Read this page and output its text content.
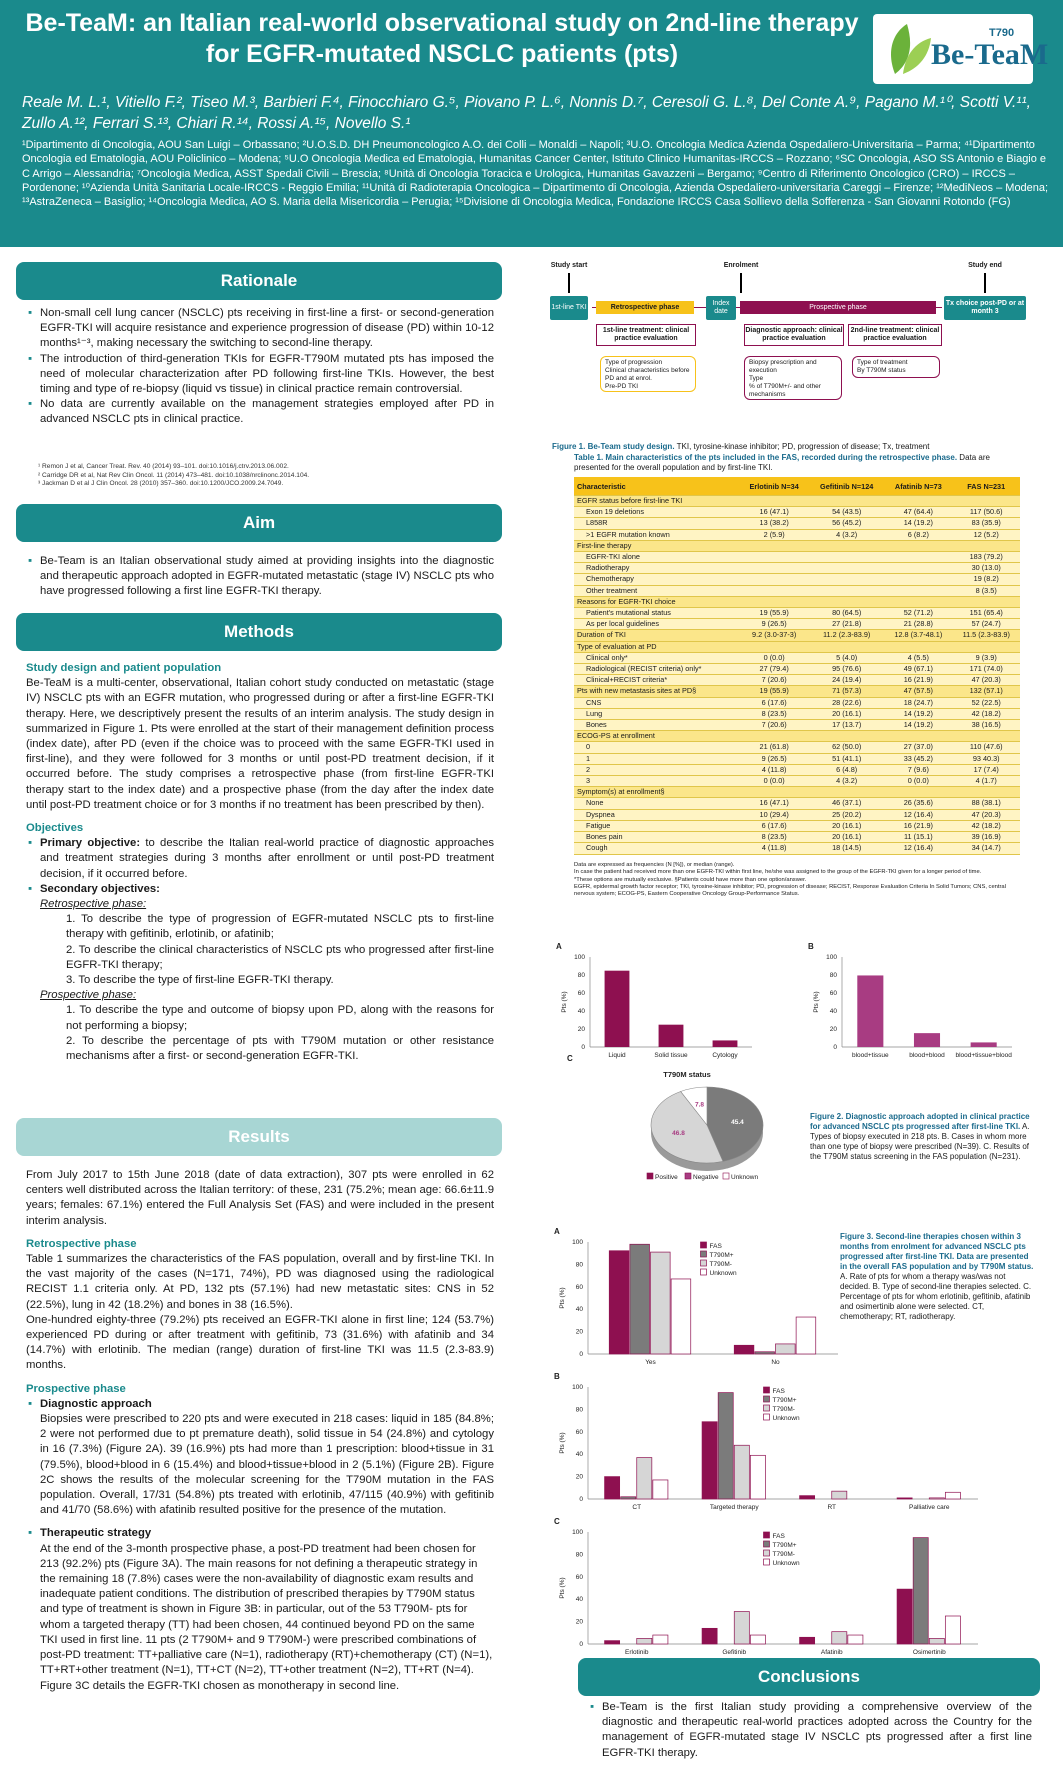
Be-TeaM: an Italian real-world observational study on 2nd-line therapy for EGFR-mutated NSCLC patients (pts)	Be-TeaM
T790
Reale M. L.¹, Vitiello F.², Tiseo M.³, Barbieri F.⁴, Finocchiaro G.⁵, Piovano P. L.⁶, Nonnis D.⁷, Ceresoli G. L.⁸, Del Conte A.⁹, Pagano M.¹⁰, Scotti V.¹¹, Zullo A.¹², Ferrari S.¹³, Chiari R.¹⁴, Rossi A.¹⁵, Novello S.¹
¹Dipartimento di Oncologia, AOU San Luigi – Orbassano; ²U.O.S.D. DH Pneumoncologico A.O. dei Colli – Monaldi – Napoli; ³U.O. Oncologia Medica Azienda Ospedaliero-Universitaria – Parma; ⁴¹Dipartimento Oncologia ed Ematologia, AOU Policlinico – Modena; ⁵U.O Oncologia Medica ed Ematologia, Humanitas Cancer Center, Istituto Clinico Humanitas-IRCCS – Rozzano; ⁶SC Oncologia, ASO SS Antonio e Biagio e C Arrigo – Alessandria; ⁷Oncologia Medica, ASST Spedali Civili – Brescia; ⁸Unità di Oncologia Toracica e Urologica, Humanitas Gavazzeni – Bergamo; ⁹Centro di Riferimento Oncologico (CRO) – IRCCS – Pordenone; ¹⁰Azienda Unità Sanitaria Locale-IRCCS - Reggio Emilia; ¹¹Unità di Radioterapia Oncologica – Dipartimento di Oncologia, Azienda Ospedaliero-universitaria Careggi – Firenze; ¹²MediNeos – Modena; ¹³AstraZeneca – Basiglio; ¹⁴Oncologia Medica, AO S. Maria della Misericordia – Perugia; ¹⁵Divisione di Oncologia Medica, Fondazione IRCCS Casa Sollievo della Sofferenza - San Giovanni Rotondo (FG)
Rationale
▪ Non-small cell lung cancer (NSCLC) pts receiving in first-line a first- or second-generation EGFR-TKI will acquire resistance and experience progression of disease (PD) within 10-12 months¹⁻³, making necessary the switching to second-line therapy.
▪ The introduction of third-generation TKIs for EGFR-T790M mutated pts has imposed the need of molecular characterization after PD following first-line TKIs. However, the best timing and type of re-biopsy (liquid vs tissue) in clinical practice remain controversial.
▪ No data are currently available on the management strategies employed after PD in advanced NSCLC pts in clinical practice.
¹ Remon J et al, Cancer Treat. Rev. 40 (2014) 93–101. doi:10.1016/j.ctrv.2013.06.002.
² Carridge DR et al, Nat Rev Clin Oncol. 11 (2014) 473–481. doi:10.1038/nrclinonc.2014.104.
³ Jackman D et al J Clin Oncol. 28 (2010) 357–360. doi:10.1200/JCO.2009.24.7049.
Aim
▪ Be-Team is an Italian observational study aimed at providing insights into the diagnostic and therapeutic approach adopted in EGFR-mutated metastatic (stage IV) NSCLC pts who have progressed following a first line EGFR-TKI therapy.
Methods
Study design and patient population
Be-TeaM is a multi-center, observational, Italian cohort study conducted on metastatic (stage IV) NSCLC pts with an EGFR mutation, who progressed during or after a first-line EGFR-TKI therapy. Here, we descriptively present the results of an interim analysis. The study design in summarized in Figure 1. Pts were enrolled at the start of their management definition process (index date), after PD (even if the choice was to proceed with the same EGFR-TKI used in first-line), and they were followed for 3 months or until post-PD treatment decision, if it occurred before. The study comprises a retrospective phase (from first-line EGFR-TKI therapy start to the index date) and a prospective phase (from the day after the index date until post-PD treatment choice or for 3 months if no treatment has been prescribed by then).
Objectives
▪ Primary objective: to describe the Italian real-world practice of diagnostic approaches and treatment strategies during 3 months after enrollment or until post-PD treatment decision, if it occurred before.
▪ Secondary objectives:
Retrospective phase:
1. To describe the type of progression of EGFR-mutated NSCLC pts to first-line therapy with gefitinib, erlotinib, or afatinib;
2. To describe the clinical characteristics of NSCLC pts who progressed after first-line EGFR-TKI therapy;
3. To describe the type of first-line EGFR-TKI therapy.
Prospective phase:
1. To describe the type and outcome of biopsy upon PD, along with the reasons for not performing a biopsy;
2. To describe the percentage of pts with T790M mutation or other resistance mechanisms after a first- or second-generation EGFR-TKI.
Results
From July 2017 to 15th June 2018 (date of data extraction), 307 pts were enrolled in 62 centers well distributed across the Italian territory: of these, 231 (75.2%; mean age: 66.6±11.9 years; females: 67.1%) entered the Full Analysis Set (FAS) and were included in the present interim analysis.
Retrospective phase
Table 1 summarizes the characteristics of the FAS population, overall and by first-line TKI. In the vast majority of the cases (N=171, 74%), PD was diagnosed using the radiological RECIST 1.1 criteria only. At PD, 132 pts (57.1%) had new metastatic sites: CNS in 52 (22.5%), lung in 42 (18.2%) and bones in 38 (16.5%).
One-hundred eighty-three (79.2%) pts received an EGFR-TKI alone in first line; 124 (53.7%) experienced PD during or after treatment with gefitinib, 73 (31.6%) with afatinib and 34 (14.7%) with erlotinib. The median (range) duration of first-line TKI was 11.5 (2.3-83.9) months.
Prospective phase
▪ Diagnostic approach
Biopsies were prescribed to 220 pts and were executed in 218 cases: liquid in 185 (84.8%; 2 were not performed due to pt premature death), solid tissue in 54 (24.8%) and cytology in 16 (7.3%) (Figure 2A). 39 (16.9%) pts had more than 1 prescription: blood+tissue in 31 (79.5%), blood+blood in 6 (15.4%) and blood+tissue+blood in 2 (5.1%) (Figure 2B). Figure 2C shows the results of the molecular screening for the T790M mutation in the FAS population. Overall, 17/31 (54.8%) pts treated with erlotinib, 47/115 (40.9%) with gefitinib and 41/70 (58.6%) with afatinib resulted positive for the presence of the mutation.
▪ Therapeutic strategy
At the end of the 3-month prospective phase, a post-PD treatment had been chosen for 213 (92.2%) pts (Figure 3A). The main reasons for not defining a therapeutic strategy in the remaining 18 (7.8%) cases were the non-availability of diagnostic exam results and inadequate patient conditions. The distribution of prescribed therapies by T790M status and type of treatment is shown in Figure 3B: in particular, out of the 53 T790M- pts for whom a targeted therapy (TT) had been chosen, 44 continued beyond PD on the same TKI used in first line. 11 pts (2 T790M+ and 9 T790M-) were prescribed combinations of post-PD treatment: TT+palliative care (N=1), radiotherapy (RT)+chemotherapy (CT) (N=1), TT+RT+other treatment (N=1), TT+CT (N=2), TT+other treatment (N=2), TT+RT (N=4). Figure 3C details the EGFR-TKI chosen as monotherapy in second line.
Study start	Enrolment	Study end
1st-line TKI	Retrospective phase	Index date
Prospective phase	Tx choice post-PD or at month 3
1st-line treatment: clinical practice evaluation
Diagnostic approach: clinical practice evaluation
2nd-line treatment: clinical practice evaluation
Type of progression
Clinical characteristics before PD and at enrol.
Pre-PD TKI
Biopsy prescription and execution
Type
% of T790M+/- and other mechanisms
Type of treatment
By T790M status
Figure 1. Be-Team study design. TKI, tyrosine-kinase inhibitor; PD, progression of disease; Tx, treatment
Table 1. Main characteristics of the pts included in the FAS, recorded during the retrospective phase. Data are presented for the overall population and by first-line TKI.
Characteristic	Erlotinib N=34	Gefitinib N=124	Afatinib N=73	FAS N=231
EGFR status before first-line TKI				
Exon 19 deletions	16 (47.1)	54 (43.5)	47 (64.4)	117 (50.6)
L858R	13 (38.2)	56 (45.2)	14 (19.2)	83 (35.9)
>1 EGFR mutation known	2 (5.9)	4 (3.2)	6 (8.2)	12 (5.2)
First-line therapy				
EGFR-TKI alone				183 (79.2)
Radiotherapy				30 (13.0)
Chemotherapy				19 (8.2)
Other treatment				8 (3.5)
Reasons for EGFR-TKI choice				
Patient's mutational status	19 (55.9)	80 (64.5)	52 (71.2)	151 (65.4)
As per local guidelines	9 (26.5)	27 (21.8)	21 (28.8)	57 (24.7)
Duration of TKI	9.2 (3.0-37-3)	11.2 (2.3-83.9)	12.8 (3.7-48.1)	11.5 (2.3-83.9)
Type of evaluation at PD				
Clinical only*	0 (0.0)	5 (4.0)	4 (5.5)	9 (3.9)
Radiological (RECIST criteria) only*	27 (79.4)	95 (76.6)	49 (67.1)	171 (74.0)
Clinical+RECIST criteria*	7 (20.6)	24 (19.4)	16 (21.9)	47 (20.3)
Pts with new metastasis sites at PD§	19 (55.9)	71 (57.3)	47 (57.5)	132 (57.1)
CNS	6 (17.6)	28 (22.6)	18 (24.7)	52 (22.5)
Lung	8 (23.5)	20 (16.1)	14 (19.2)	42 (18.2)
Bones	7 (20.6)	17 (13.7)	14 (19.2)	38 (16.5)
ECOG-PS at enrollment				
0	21 (61.8)	62 (50.0)	27 (37.0)	110 (47.6)
1	9 (26.5)	51 (41.1)	33 (45.2)	93 40.3)
2	4 (11.8)	6 (4.8)	7 (9.6)	17 (7.4)
3	0 (0.0)	4 (3.2)	0 (0.0)	4 (1.7)
Symptom(s) at enrollment§				
None	16 (47.1)	46 (37.1)	26 (35.6)	88 (38.1)
Dyspnea	10 (29.4)	25 (20.2)	12 (16.4)	47 (20.3)
Fatigue	6 (17.6)	20 (16.1)	16 (21.9)	42 (18.2)
Bones pain	8 (23.5)	20 (16.1)	11 (15.1)	39 (16.9)
Cough	4 (11.8)	18 (14.5)	12 (16.4)	34 (14.7)
Data are expressed as frequencies (N [%]), or median (range).
In case the patient had received more than one EGFR-TKI within first line, he/she was assigned to the group of the EGFR-TKI given for a longer period of time.
*These options are mutually exclusive. §Patients could have more than one option/answer.
EGFR, epidermal growth factor receptor; TKI, tyrosine-kinase inhibitor; PD, progression of disease; RECIST, Response Evaluation Criteria In Solid Tumors; CNS, central nervous system; ECOG-PS, Eastern Cooperative Oncology Group-Performance Status.
0
20
40
60
80
100
Pts (%)
A
Liquid	Solid tissue	Cytology
0
20
40
60
80
100
Pts (%)
B
blood+tissue	blood+blood blood+tissue+blood
C
T790M status
45.4
46.8
7.8
Positive Negative Unknown
Figure 2. Diagnostic approach adopted in clinical practice for advanced NSCLC pts progressed after first-line TKI. A. Types of biopsy executed in 218 pts. B. Cases in whom more than one type of biopsy were prescribed (N=39). C. Results of the T790M status screening in the FAS population (N=231).
0
20
40
60
80
100
Pts (%)
A
Yes	No
FAS
T790M+
T790M-
Unknown
0
20
40
60
80
100
Pts (%)
B
CT	Targeted therapy	RT	Palliative care
FAS
T790M+
T790M-
Unknown
0
20
40
60
80
100
Pts (%)
C
Erlotinib	Gefitinib	Afatinib	Osimertinib
FAS
T790M+
T790M-
Unknown
Figure 3. Second-line therapies chosen within 3 months from enrolment for advanced NSCLC pts progressed after first-line TKI. Data are presented in the overall FAS population and by T790M status. A. Rate of pts for whom a therapy was/was not decided. B. Type of second-line therapies selected. C. Percentage of pts for whom erlotinib, gefitinib, afatinib and osimertinib alone were selected. CT, chemotherapy; RT, radiotherapy.
Conclusions
▪ Be-Team is the first Italian study providing a comprehensive overview of the diagnostic and therapeutic real-world practices adopted across the Country for the management of EGFR-mutated stage IV NSCLC pts progressed after a first line EGFR-TKI therapy.
